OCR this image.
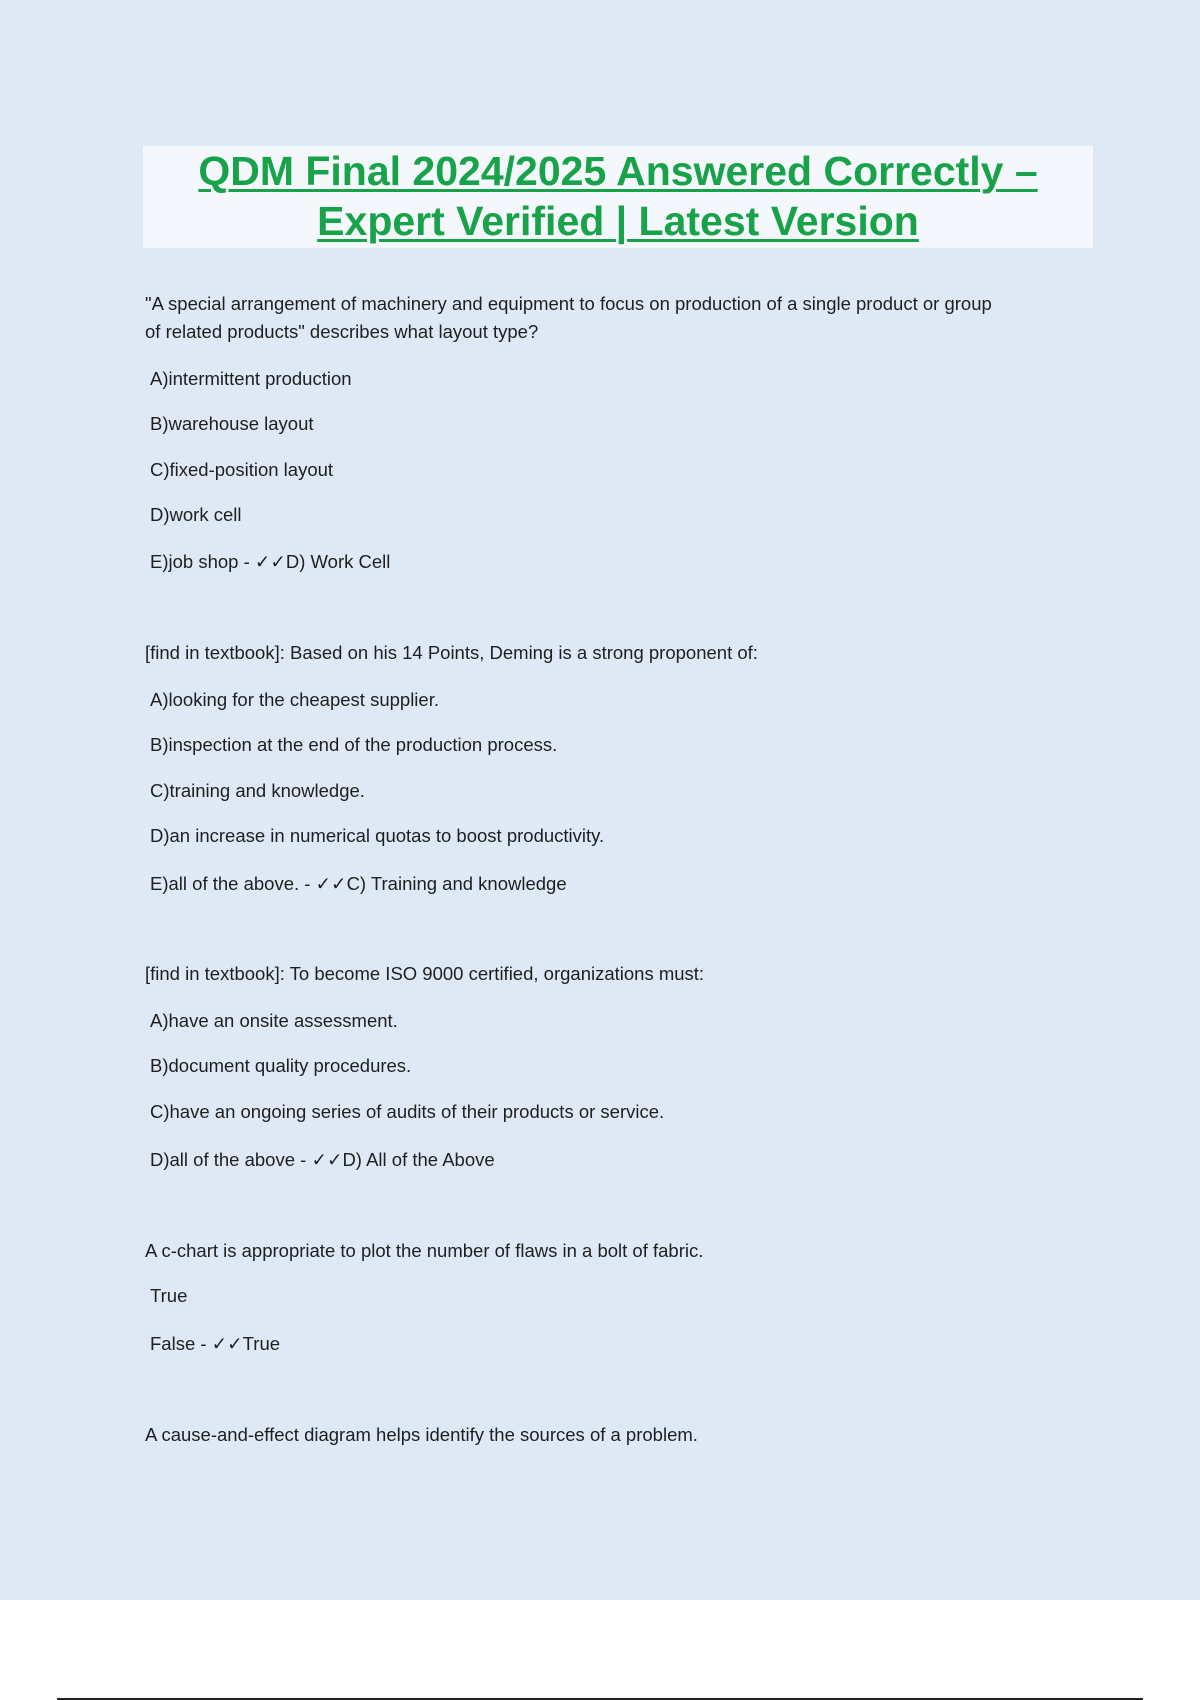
QDM Final 2024/2025 Answered Correctly –
Expert Verified | Latest Version

"A special arrangement of machinery and equipment to focus on production of a single product or group

of related products" describes what layout type?

A)intermittent production

B)warehouse layout

C)fixed-position layout

D)work cell

E)job shop - ✓✓D) Work Cell

[find in textbook]: Based on his 14 Points, Deming is a strong proponent of:

A)looking for the cheapest supplier.

B)inspection at the end of the production process.

C)training and knowledge.

D)an increase in numerical quotas to boost productivity.

E)all of the above. - ✓✓C) Training and knowledge

[find in textbook]: To become ISO 9000 certified, organizations must:

A)have an onsite assessment.

B)document quality procedures.

C)have an ongoing series of audits of their products or service.

D)all of the above - ✓✓D) All of the Above

A c-chart is appropriate to plot the number of flaws in a bolt of fabric.

True

False - ✓✓True

A cause-and-effect diagram helps identify the sources of a problem.
